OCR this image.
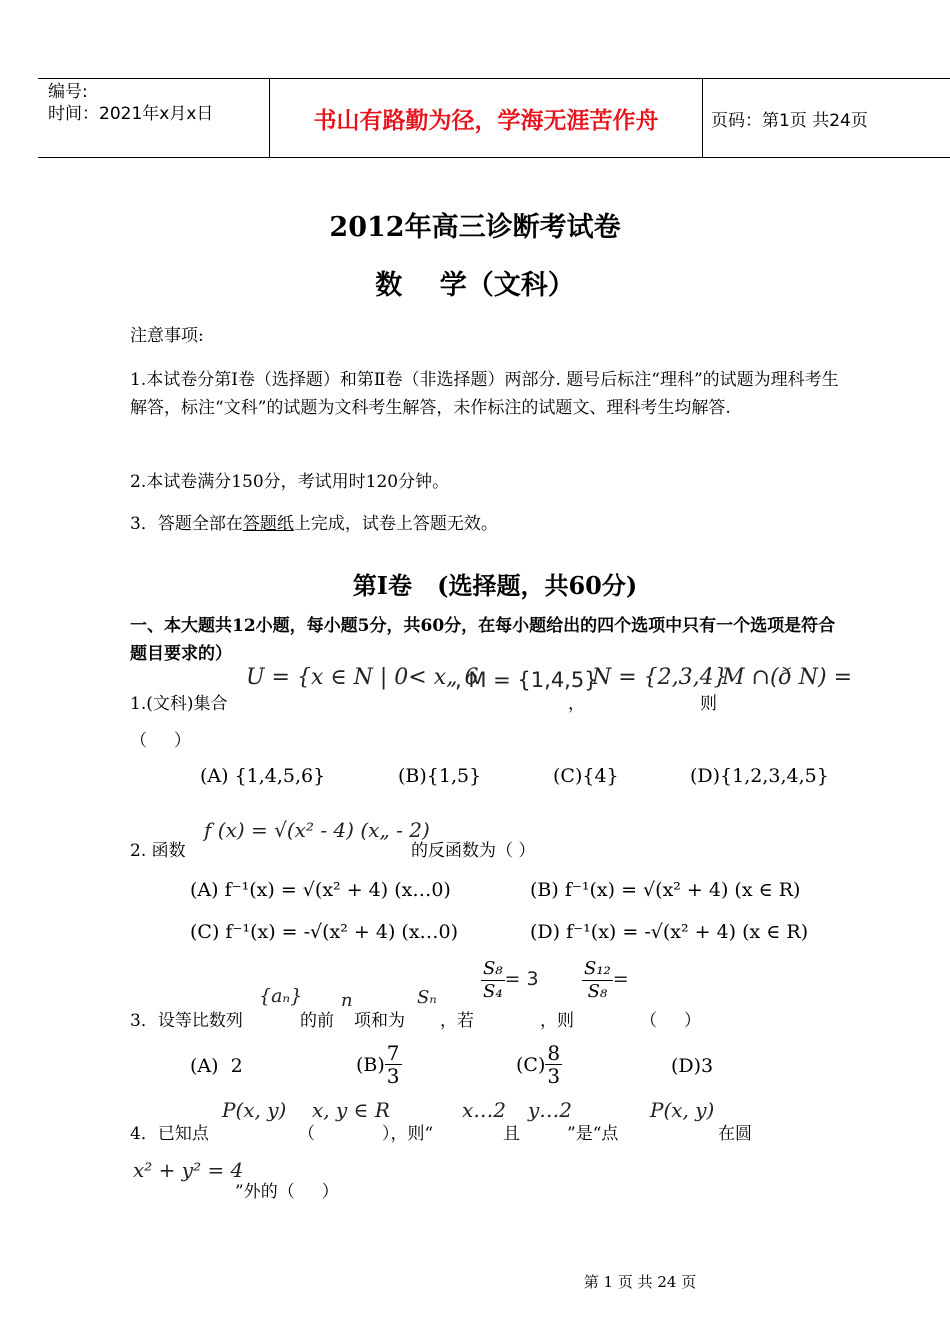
编号:
时间：2021年x月x日	书山有路勤为径，学海无涯苦作舟	页码：第1页 共24页
2012年高三诊断考试卷
数    学（文科）
注意事项:
1.本试卷分第Ⅰ卷（选择题）和第Ⅱ卷（非选择题）两部分. 题号后标注“理科”的试题为理科考生解答，标注“文科”的试题为文科考生解答，未作标注的试题文、理科考生均解答.
2.本试卷满分150分，考试用时120分钟。
3．答题全部在答题纸上完成，试卷上答题无效。
第Ⅰ卷   (选择题，共60分)
一、本大题共12小题，每小题5分，共60分，在每小题给出的四个选项中只有一个选项是符合题目要求的）
U = {x ∈ N | 0< x„ 6
, M = {1,4,5}
N = {2,3,4}
M ∩(ð N) =
1.(文科)集合	，	则
（     ）
(A) {1,4,5,6}	(B){1,5}	(C){4}	(D){1,2,3,4,5}
2. 函数
f (x) = √(x² - 4) (x„ - 2)
的反函数为（ ）
(A) f⁻¹(x) = √(x² + 4) (x…0)	(B) f⁻¹(x) = √(x² + 4) (x ∈ R)
(C) f⁻¹(x) = -√(x² + 4) (x…0)	(D) f⁻¹(x) = -√(x² + 4) (x ∈ R)
3．设等比数列
{aₙ}
的前
n
项和为
Sₙ
，若
$\frac{\text{S₈}}{\text{S₄}} = 3$
，则
$\frac{\text{S₁₂}}{\text{S₈}}$ =
（     ）
(A)  2	$(B) \frac{7}{3}$	$(C) \frac{8}{3}$	(D)3
P(x, y) x, y ∈ R	x…2 y…2	P(x, y)
4．已知点	（	），则“	且	”是“点	在圆
x² + y² = 4
”外的（     ）
第 1 页 共 24 页
